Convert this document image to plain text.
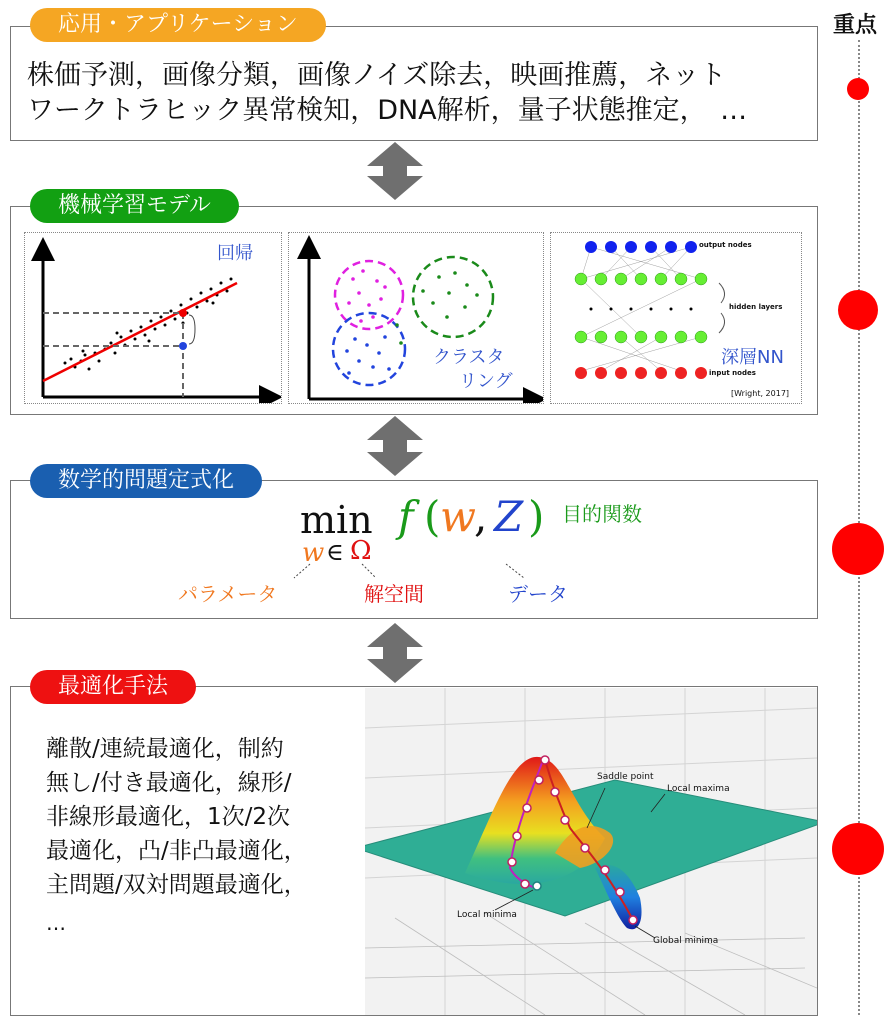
重点
応用・アプリケーション
株価予測，画像分類，画像ノイズ除去，映画推薦，ネット
ワークトラヒック異常検知，DNA解析，量子状態推定，　…
機械学習モデル
回帰
クラスタ
リング
output nodes
hidden layers
深層NN
input nodes
[Wright, 2017]
数学的問題定式化
min
w ∈ Ω
f ( w
, Z ) 目的関数
パラメータ	解空間	データ
最適化手法
離散/連続最適化，制約
無し/付き最適化，線形/
非線形最適化，1次/2次
最適化，凸/非凸最適化，
主問題/双対問題最適化，
…
Saddle point
Local maxima
Local minima
Global minima
